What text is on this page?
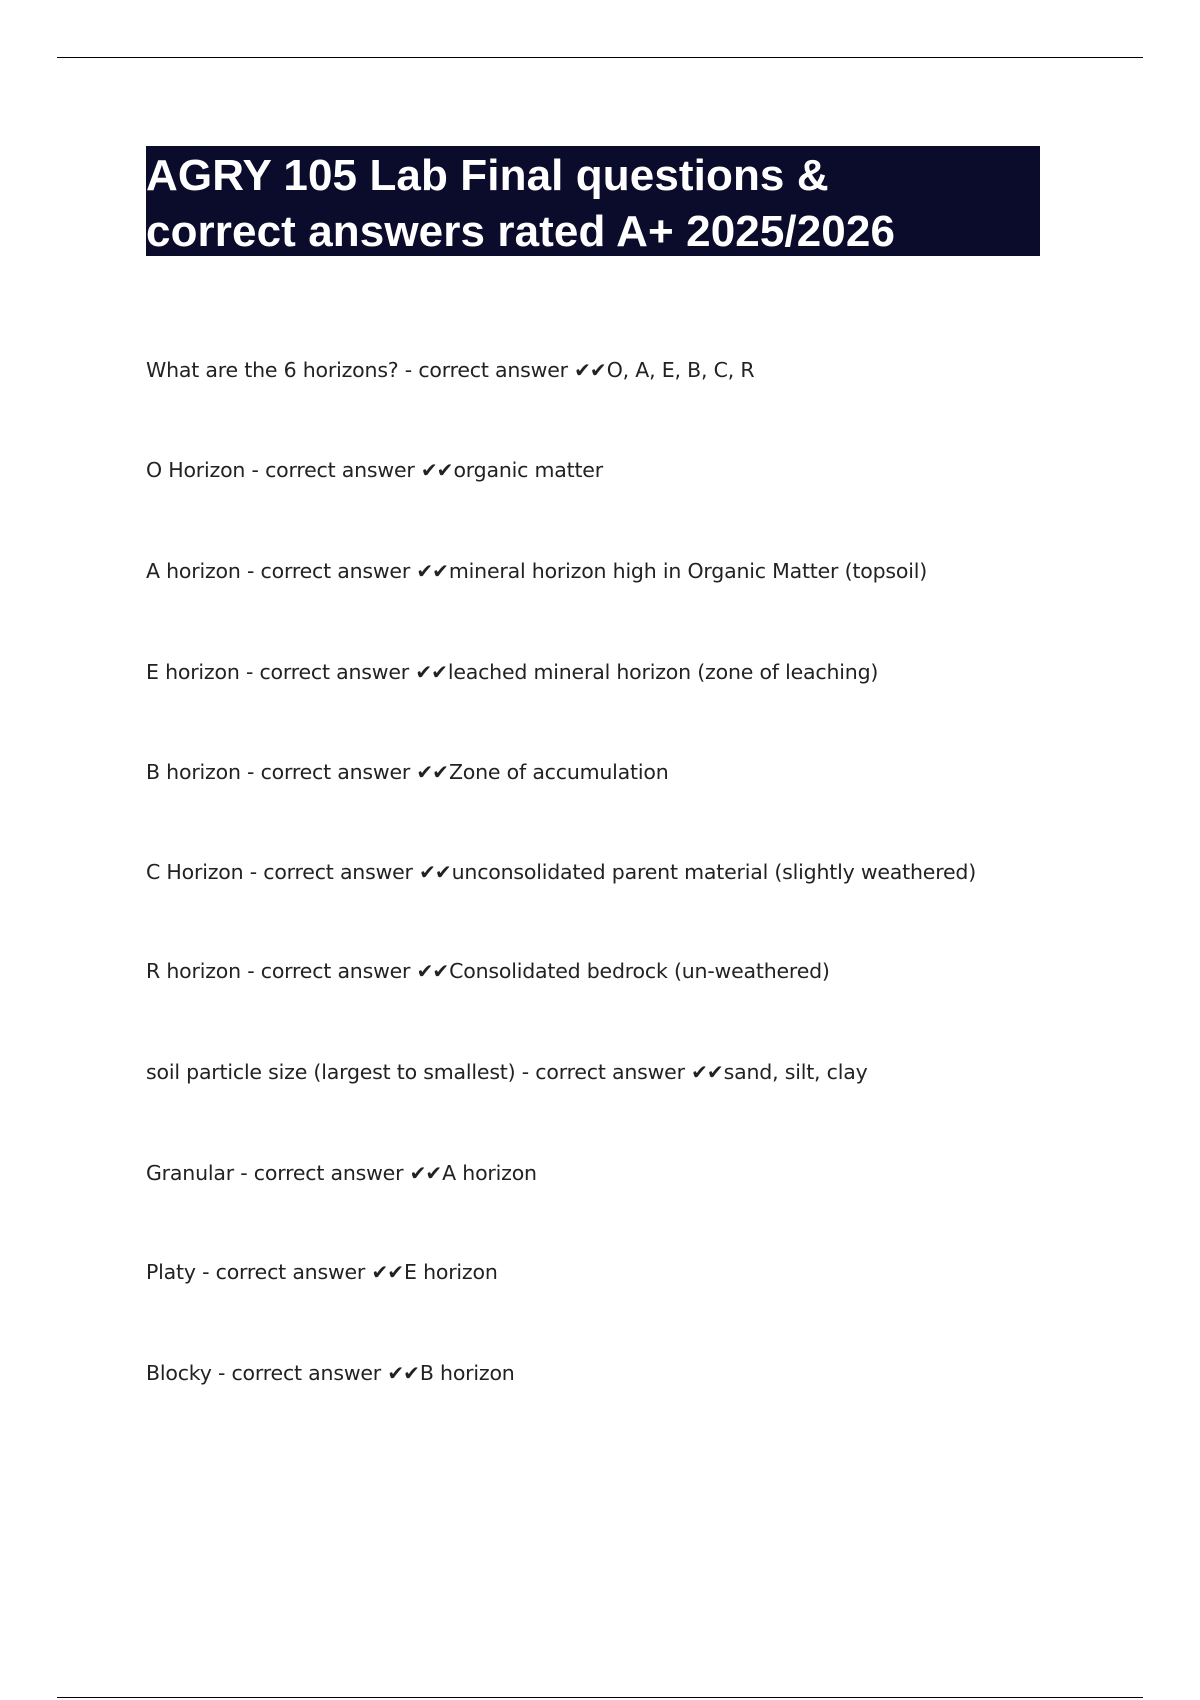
AGRY 105 Lab Final questions &
correct answers rated A+ 2025/2026
What are the 6 horizons? - correct answer ✔✔O, A, E, B, C, R
O Horizon - correct answer ✔✔organic matter
A horizon - correct answer ✔✔mineral horizon high in Organic Matter (topsoil)
E horizon - correct answer ✔✔leached mineral horizon (zone of leaching)
B horizon - correct answer ✔✔Zone of accumulation
C Horizon - correct answer ✔✔unconsolidated parent material (slightly weathered)
R horizon - correct answer ✔✔Consolidated bedrock (un-weathered)
soil particle size (largest to smallest) - correct answer ✔✔sand, silt, clay
Granular - correct answer ✔✔A horizon
Platy - correct answer ✔✔E horizon
Blocky - correct answer ✔✔B horizon
